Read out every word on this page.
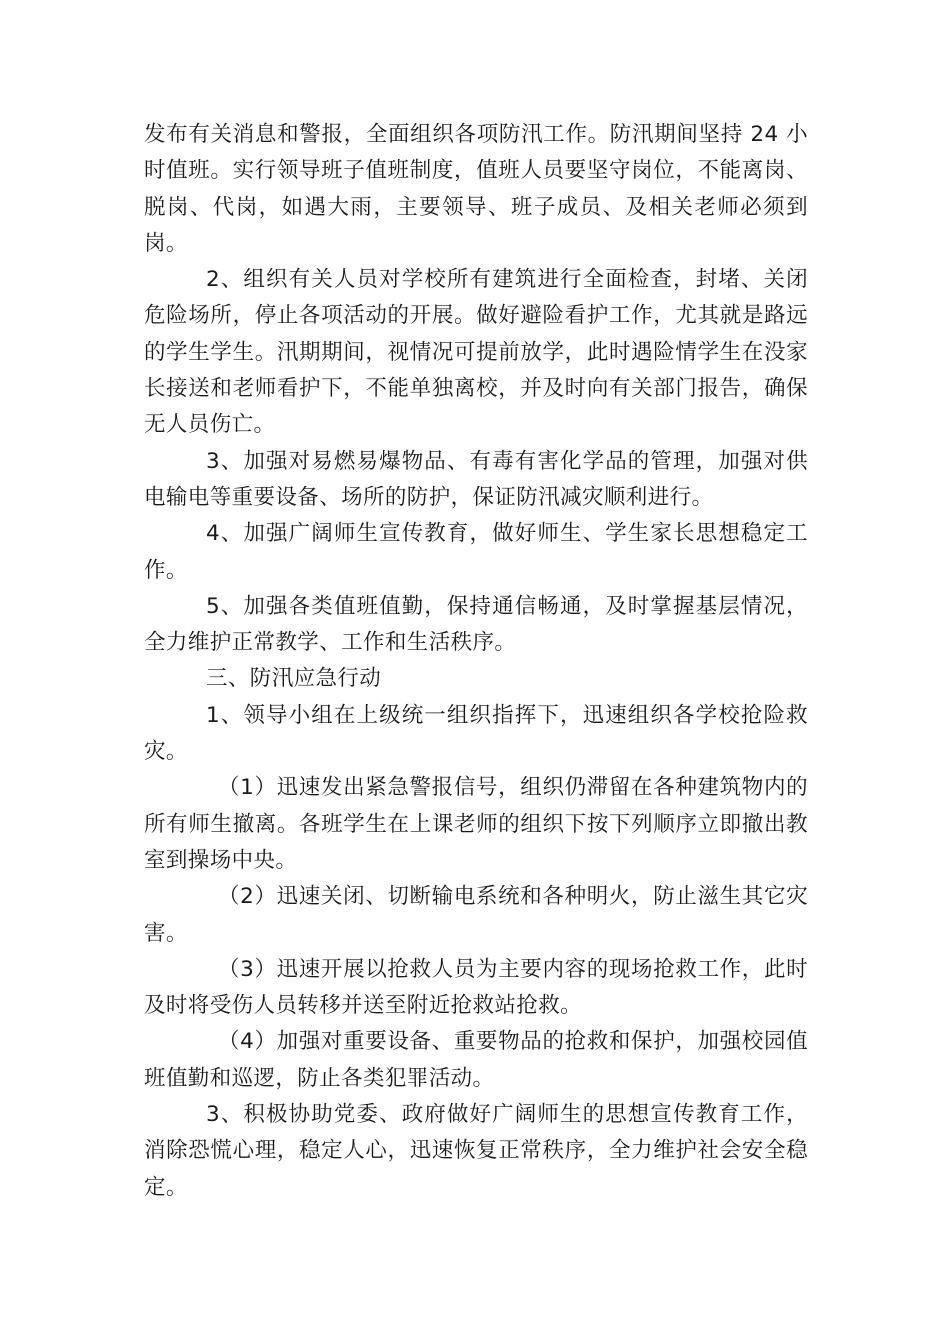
发布有关消息和警报，全面组织各项防汛工作。防汛期间坚持 24 小时值班。实行领导班子值班制度，值班人员要坚守岗位，不能离岗、脱岗、代岗，如遇大雨，主要领导、班子成员、及相关老师必须到岗。

2、组织有关人员对学校所有建筑进行全面检查，封堵、关闭危险场所，停止各项活动的开展。做好避险看护工作，尤其就是路远的学生学生。汛期期间，视情况可提前放学，此时遇险情学生在没家长接送和老师看护下，不能单独离校，并及时向有关部门报告，确保无人员伤亡。

3、加强对易燃易爆物品、有毒有害化学品的管理，加强对供电输电等重要设备、场所的防护，保证防汛减灾顺利进行。

4、加强广阔师生宣传教育，做好师生、学生家长思想稳定工作。

5、加强各类值班值勤，保持通信畅通，及时掌握基层情况，全力维护正常教学、工作和生活秩序。

三、防汛应急行动

1、领导小组在上级统一组织指挥下，迅速组织各学校抢险救灾。

（1）迅速发出紧急警报信号，组织仍滞留在各种建筑物内的所有师生撤离。各班学生在上课老师的组织下按下列顺序立即撤出教室到操场中央。

（2）迅速关闭、切断输电系统和各种明火，防止滋生其它灾害。

（3）迅速开展以抢救人员为主要内容的现场抢救工作，此时及时将受伤人员转移并送至附近抢救站抢救。

（4）加强对重要设备、重要物品的抢救和保护，加强校园值班值勤和巡逻，防止各类犯罪活动。

3、积极协助党委、政府做好广阔师生的思想宣传教育工作，消除恐慌心理，稳定人心，迅速恢复正常秩序，全力维护社会安全稳定。
